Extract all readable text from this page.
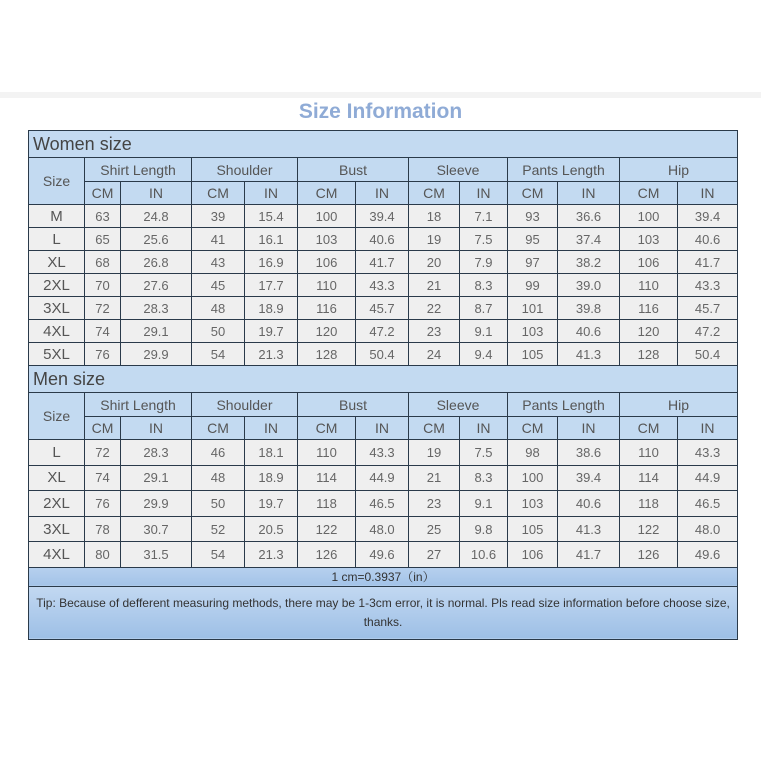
Size Information
Women size												
Size	Shirt Length		Shoulder		Bust		Sleeve		Pants Length		Hip	
	CM	IN	CM	IN	CM	IN	CM	IN	CM	IN	CM	IN
M	63	24.8	39	15.4	100	39.4	18	7.1	93	36.6	100	39.4
L	65	25.6	41	16.1	103	40.6	19	7.5	95	37.4	103	40.6
XL	68	26.8	43	16.9	106	41.7	20	7.9	97	38.2	106	41.7
2XL	70	27.6	45	17.7	110	43.3	21	8.3	99	39.0	110	43.3
3XL	72	28.3	48	18.9	116	45.7	22	8.7	101	39.8	116	45.7
4XL	74	29.1	50	19.7	120	47.2	23	9.1	103	40.6	120	47.2
5XL	76	29.9	54	21.3	128	50.4	24	9.4	105	41.3	128	50.4
Men size												
Size	Shirt Length		Shoulder		Bust		Sleeve		Pants Length		Hip	
	CM	IN	CM	IN	CM	IN	CM	IN	CM	IN	CM	IN
L	72	28.3	46	18.1	110	43.3	19	7.5	98	38.6	110	43.3
XL	74	29.1	48	18.9	114	44.9	21	8.3	100	39.4	114	44.9
2XL	76	29.9	50	19.7	118	46.5	23	9.1	103	40.6	118	46.5
3XL	78	30.7	52	20.5	122	48.0	25	9.8	105	41.3	122	48.0
4XL	80	31.5	54	21.3	126	49.6	27	10.6	106	41.7	126	49.6
1 cm=0.3937（in）												
Tip: Because of defferent measuring methods, there may be 1-3cm error, it is normal. Pls read size information before choose size, thanks.												
